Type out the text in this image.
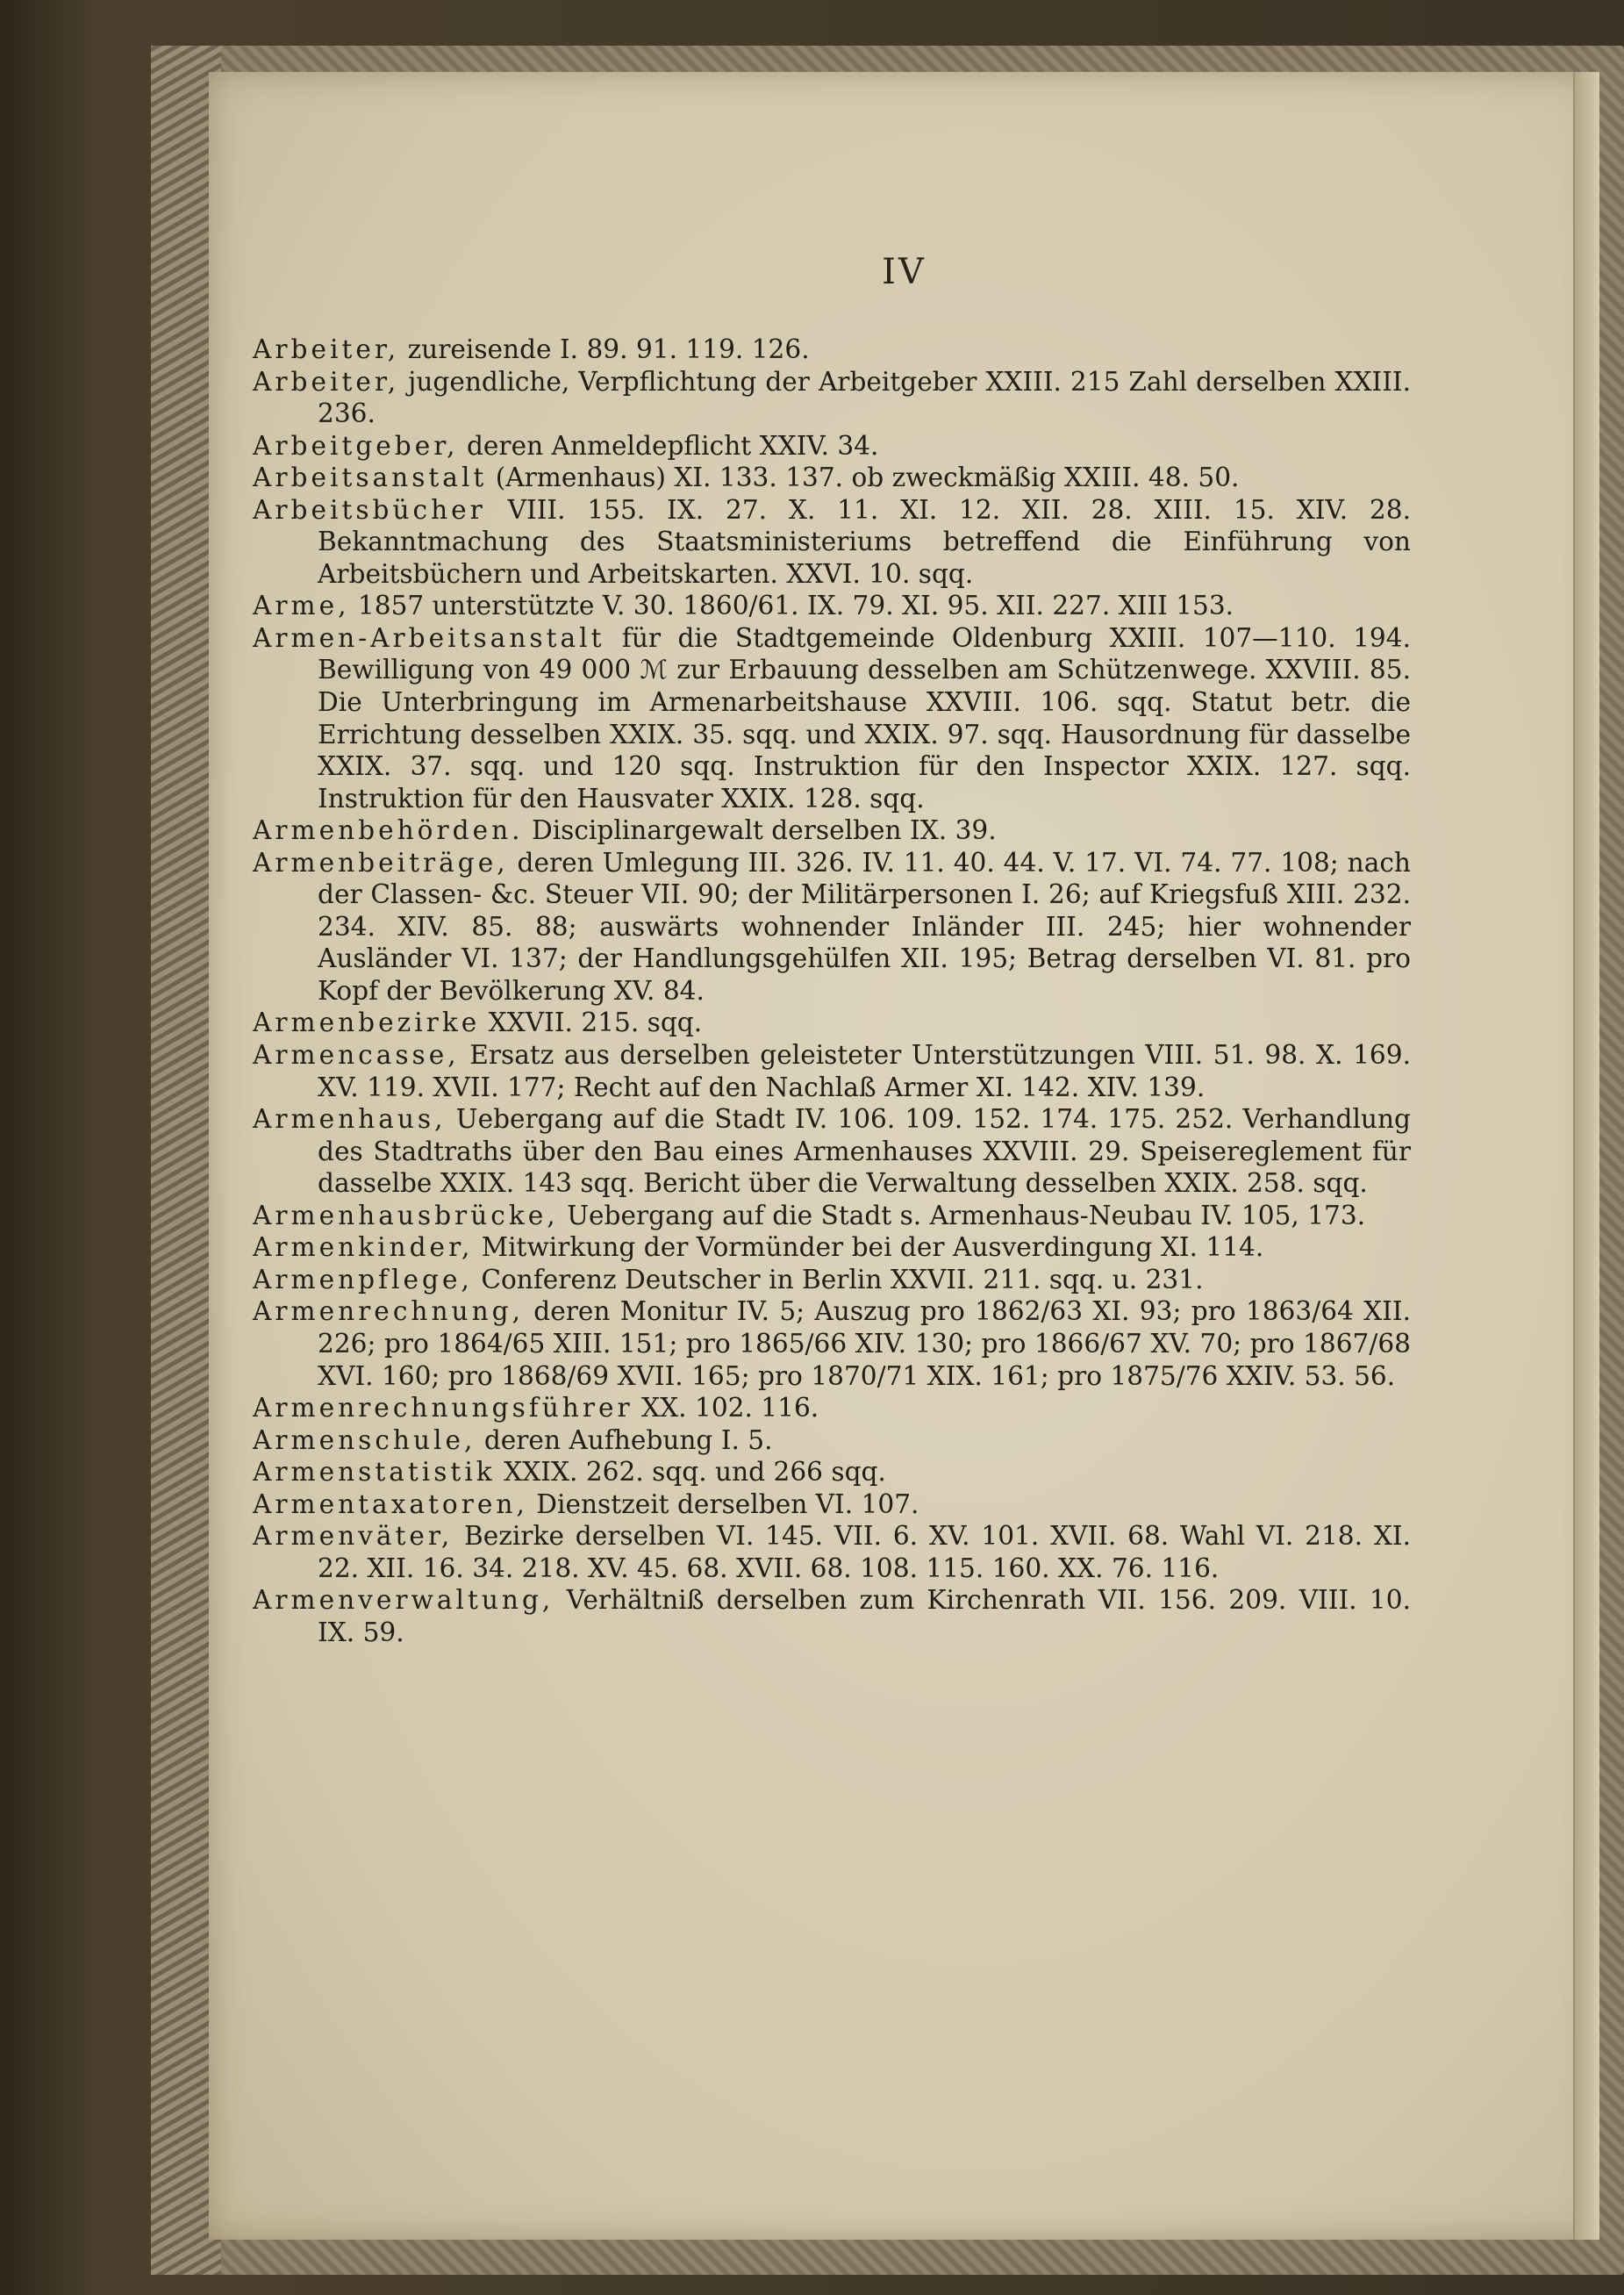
IV
Arbeiter, zureisende I. 89. 91. 119. 126.
Arbeiter, jugendliche, Verpflichtung der Arbeitgeber XXIII. 215 Zahl derselben XXIII. 236.
Arbeitgeber, deren Anmeldepflicht XXIV. 34.
Arbeitsanstalt (Armenhaus) XI. 133. 137. ob zweckmäßig XXIII. 48. 50.
Arbeitsbücher VIII. 155. IX. 27. X. 11. XI. 12. XII. 28. XIII. 15. XIV. 28. Bekanntmachung des Staatsministeriums betreffend die Einführung von Arbeitsbüchern und Arbeitskarten. XXVI. 10. sqq.
Arme, 1857 unterstützte V. 30. 1860/61. IX. 79. XI. 95. XII. 227. XIII 153.
Armen-Arbeitsanstalt für die Stadtgemeinde Oldenburg XXIII. 107—110. 194. Bewilligung von 49 000 ℳ zur Erbauung desselben am Schützenwege. XXVIII. 85. Die Unterbringung im Armenarbeitshause XXVIII. 106. sqq. Statut betr. die Errichtung desselben XXIX. 35. sqq. und XXIX. 97. sqq. Hausordnung für dasselbe XXIX. 37. sqq. und 120 sqq. Instruktion für den Inspector XXIX. 127. sqq. Instruktion für den Hausvater XXIX. 128. sqq.
Armenbehörden. Disciplinargewalt derselben IX. 39.
Armenbeiträge, deren Umlegung III. 326. IV. 11. 40. 44. V. 17. VI. 74. 77. 108; nach der Classen- &c. Steuer VII. 90; der Militärpersonen I. 26; auf Kriegsfuß XIII. 232. 234. XIV. 85. 88; auswärts wohnender Inländer III. 245; hier wohnender Ausländer VI. 137; der Handlungsgehülfen XII. 195; Betrag derselben VI. 81. pro Kopf der Bevölkerung XV. 84.
Armenbezirke XXVII. 215. sqq.
Armencasse, Ersatz aus derselben geleisteter Unterstützungen VIII. 51. 98. X. 169. XV. 119. XVII. 177; Recht auf den Nachlaß Armer XI. 142. XIV. 139.
Armenhaus, Uebergang auf die Stadt IV. 106. 109. 152. 174. 175. 252. Verhandlung des Stadtraths über den Bau eines Armenhauses XXVIII. 29. Speisereglement für dasselbe XXIX. 143 sqq. Bericht über die Verwaltung desselben XXIX. 258. sqq.
Armenhausbrücke, Uebergang auf die Stadt s. Armenhaus-Neubau IV. 105, 173.
Armenkinder, Mitwirkung der Vormünder bei der Ausverdingung XI. 114.
Armenpflege, Conferenz Deutscher in Berlin XXVII. 211. sqq. u. 231.
Armenrechnung, deren Monitur IV. 5; Auszug pro 1862/63 XI. 93; pro 1863/64 XII. 226; pro 1864/65 XIII. 151; pro 1865/66 XIV. 130; pro 1866/67 XV. 70; pro 1867/68 XVI. 160; pro 1868/69 XVII. 165; pro 1870/71 XIX. 161; pro 1875/76 XXIV. 53. 56.
Armenrechnungsführer XX. 102. 116.
Armenschule, deren Aufhebung I. 5.
Armenstatistik XXIX. 262. sqq. und 266 sqq.
Armentaxatoren, Dienstzeit derselben VI. 107.
Armenväter, Bezirke derselben VI. 145. VII. 6. XV. 101. XVII. 68. Wahl VI. 218. XI. 22. XII. 16. 34. 218. XV. 45. 68. XVII. 68. 108. 115. 160. XX. 76. 116.
Armenverwaltung, Verhältniß derselben zum Kirchenrath VII. 156. 209. VIII. 10. IX. 59.
